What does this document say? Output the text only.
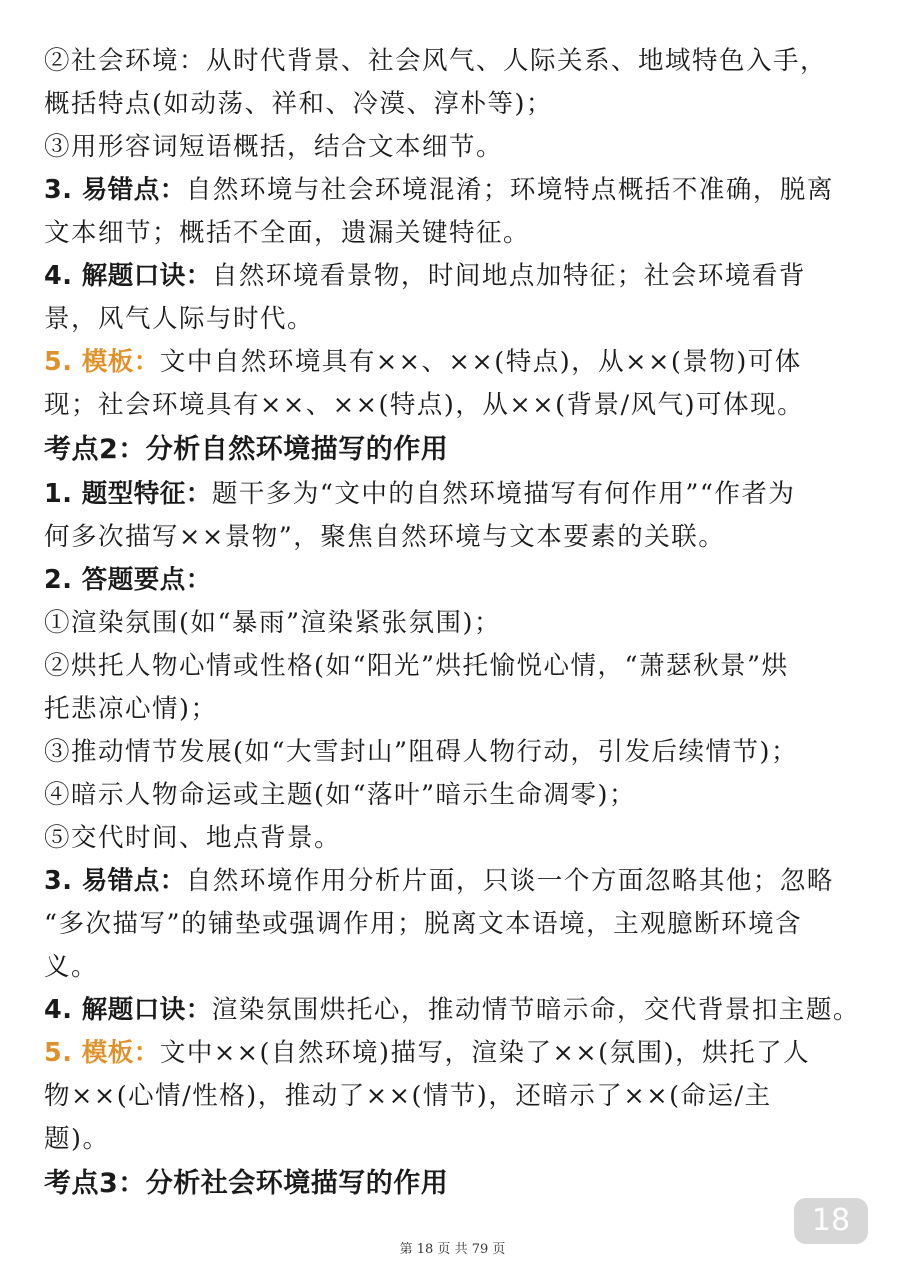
②社会环境：从时代背景、社会风气、人际关系、地域特色入手，
概括特点(如动荡、祥和、冷漠、淳朴等)；
③用形容词短语概括，结合文本细节。
3. 易错点：自然环境与社会环境混淆；环境特点概括不准确，脱离
文本细节；概括不全面，遗漏关键特征。
4. 解题口诀：自然环境看景物，时间地点加特征；社会环境看背
景，风气人际与时代。
5. 模板：文中自然环境具有××、××(特点)，从××(景物)可体
现；社会环境具有××、××(特点)，从××(背景/风气)可体现。
考点2：分析自然环境描写的作用
1. 题型特征：题干多为“文中的自然环境描写有何作用”“作者为
何多次描写××景物”，聚焦自然环境与文本要素的关联。
2. 答题要点：
①渲染氛围(如“暴雨”渲染紧张氛围)；
②烘托人物心情或性格(如“阳光”烘托愉悦心情，“萧瑟秋景”烘
托悲凉心情)；
③推动情节发展(如“大雪封山”阻碍人物行动，引发后续情节)；
④暗示人物命运或主题(如“落叶”暗示生命凋零)；
⑤交代时间、地点背景。
3. 易错点：自然环境作用分析片面，只谈一个方面忽略其他；忽略
“多次描写”的铺垫或强调作用；脱离文本语境，主观臆断环境含
义。
4. 解题口诀：渲染氛围烘托心，推动情节暗示命，交代背景扣主题。
5. 模板：文中××(自然环境)描写，渲染了××(氛围)，烘托了人
物××(心情/性格)，推动了××(情节)，还暗示了××(命运/主
题)。
考点3：分析社会环境描写的作用
18
第 18 页 共 79 页
